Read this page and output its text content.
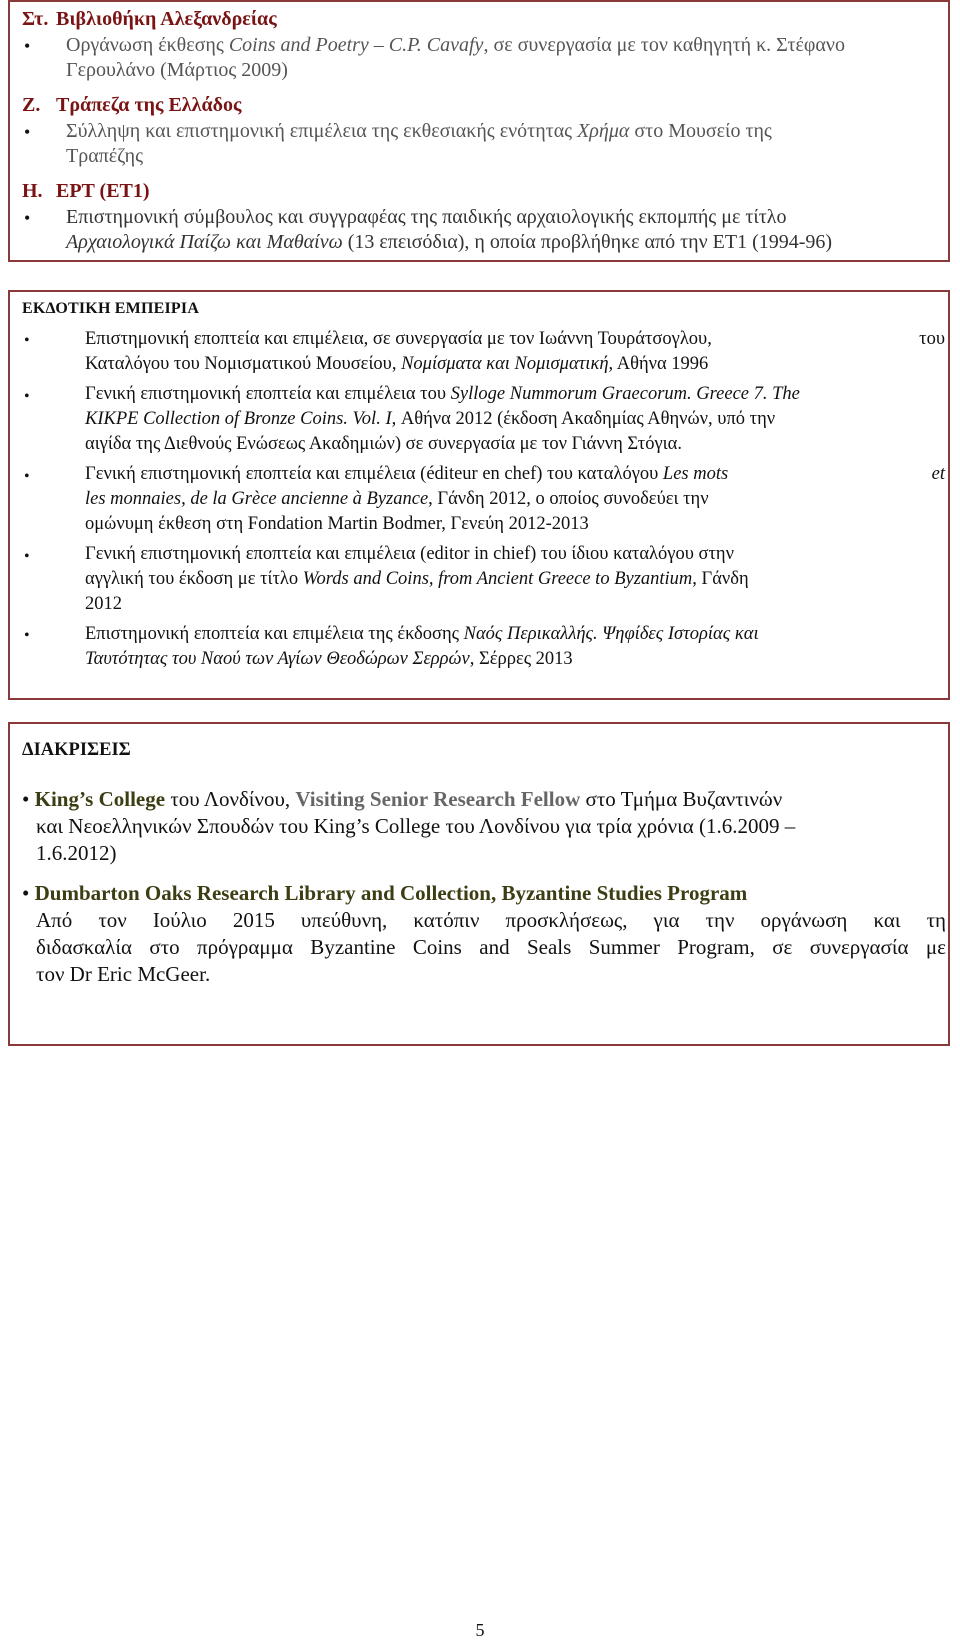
Στ. Βιβλιοθήκη Αλεξανδρείας
• Οργάνωση έκθεσης Coins and Poetry – C.P. Cavafy, σε συνεργασία με τον καθηγητή κ. Στέφανο
Γερουλάνο (Μάρτιος 2009)
Ζ. Τράπεζα της Ελλάδος
• Σύλληψη και επιστημονική επιμέλεια της εκθεσιακής ενότητας Χρήμα στο Μουσείο της
Τραπέζης
Η. ΕΡΤ (ΕΤ1)
• Επιστημονική σύμβουλος και συγγραφέας της παιδικής αρχαιολογικής εκπομπής με τίτλο
Αρχαιολογικά Παίζω και Μαθαίνω (13 επεισόδια), η οποία προβλήθηκε από την ΕΤ1 (1994-96)
ΕΚΔΟΤΙΚΗ ΕΜΠΕΙΡΙΑ
•	Επιστημονική εποπτεία και επιμέλεια, σε συνεργασία με τον Ιωάννη Τουράτσογλου,	του
Καταλόγου του Νομισματικού Μουσείου, Νομίσματα και Νομισματική, Αθήνα 1996
•	Γενική επιστημονική εποπτεία και επιμέλεια του Sylloge Nummorum Graecorum. Greece 7. The
KIKPE Collection of Bronze Coins. Vol. I, Αθήνα 2012 (έκδοση Ακαδημίας Αθηνών, υπό την
αιγίδα της Διεθνούς Ενώσεως Ακαδημιών) σε συνεργασία με τον Γιάννη Στόγια.
•	Γενική επιστημονική εποπτεία και επιμέλεια (éditeur en chef) του καταλόγου Les mots	et
les monnaies, de la Grèce ancienne à Byzance, Γάνδη 2012, ο οποίος συνοδεύει την
ομώνυμη έκθεση στη Fondation Martin Bodmer, Γενεύη 2012-2013
•	Γενική επιστημονική εποπτεία και επιμέλεια (editor in chief) του ίδιου καταλόγου στην
αγγλική του έκδοση με τίτλο Words and Coins, from Ancient Greece to Byzantium, Γάνδη
2012
•	Επιστημονική εποπτεία και επιμέλεια της έκδοσης Ναός Περικαλλής. Ψηφίδες Ιστορίας και
Ταυτότητας του Ναού των Αγίων Θεοδώρων Σερρών, Σέρρες 2013
ΔΙΑΚΡΙΣΕΙΣ
• King’s College του Λονδίνου, Visiting Senior Research Fellow στο Τμήμα Βυζαντινών
και Νεοελληνικών Σπουδών του King’s College του Λονδίνου για τρία χρόνια (1.6.2009 –
1.6.2012)
• Dumbarton Oaks Research Library and Collection, Byzantine Studies Program
Από τον Ιούλιο 2015 υπεύθυνη, κατόπιν προσκλήσεως, για την οργάνωση και τη
διδασκαλία στο πρόγραμμα Byzantine Coins and Seals Summer Program, σε συνεργασία με
τον Dr Eric McGeer.
5
